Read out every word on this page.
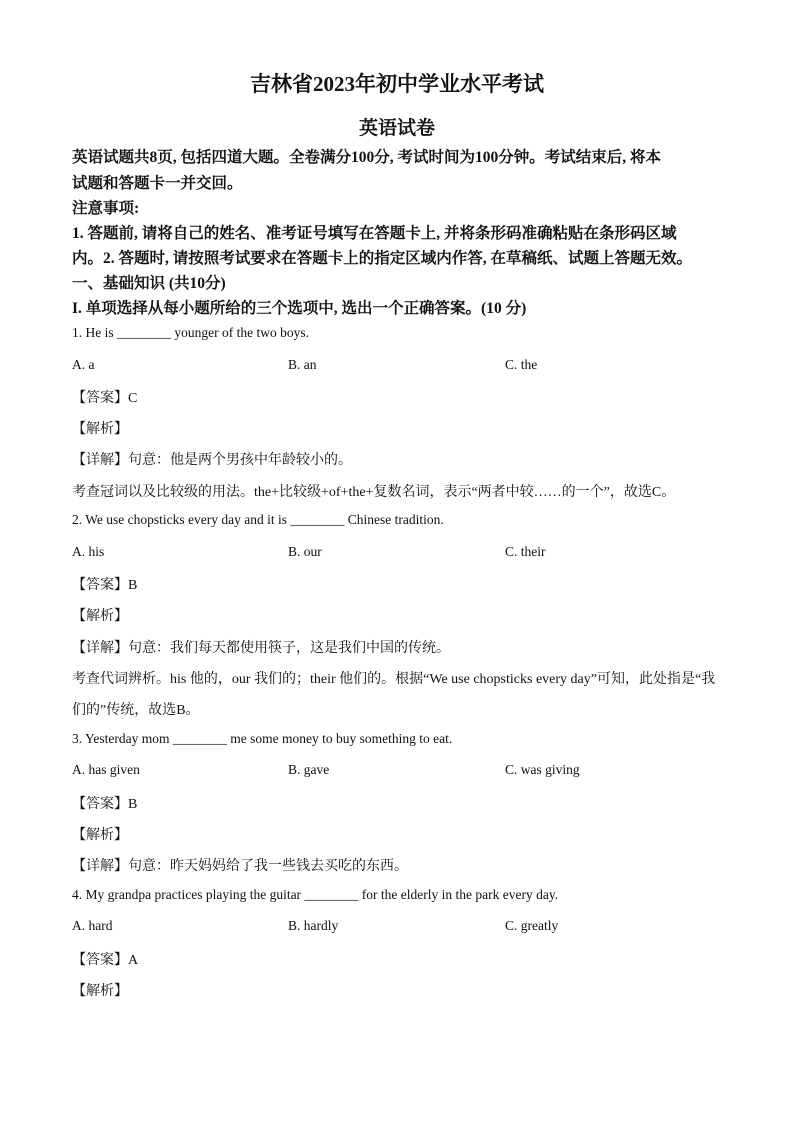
吉林省2023年初中学业水平考试
英语试卷
英语试题共8页, 包括四道大题。全卷满分100分, 考试时间为100分钟。考试结束后, 将本
试题和答题卡一并交回。
注意事项:
1. 答题前, 请将自己的姓名、准考证号填写在答题卡上, 并将条形码准确粘贴在条形码区域
内。2. 答题时, 请按照考试要求在答题卡上的指定区域内作答, 在草稿纸、试题上答题无效。
一、基础知识 (共10分)
I. 单项选择从每小题所给的三个选项中, 选出一个正确答案。(10 分)
1. He is ________ younger of the two boys.
A. a	B. an	C. the
【答案】C
【解析】
【详解】句意：他是两个男孩中年龄较小的。
考查冠词以及比较级的用法。the+比较级+of+the+复数名词，表示“两者中较……的一个”，故选C。
2. We use chopsticks every day and it is ________ Chinese tradition.
A. his	B. our	C. their
【答案】B
【解析】
【详解】句意：我们每天都使用筷子，这是我们中国的传统。
考查代词辨析。his 他的，our 我们的；their 他们的。根据“We use chopsticks every day”可知，此处指是“我
们的”传统，故选B。
3. Yesterday mom ________ me some money to buy something to eat.
A. has given	B. gave	C. was giving
【答案】B
【解析】
【详解】句意：昨天妈妈给了我一些钱去买吃的东西。
4. My grandpa practices playing the guitar ________ for the elderly in the park every day.
A. hard	B. hardly	C. greatly
【答案】A
【解析】
